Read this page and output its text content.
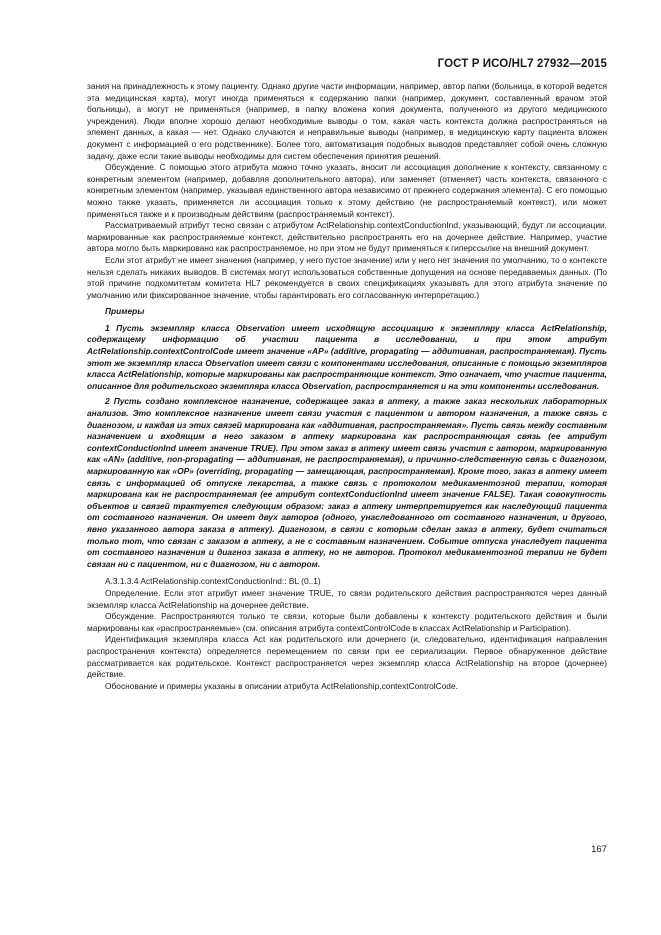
ГОСТ Р ИСО/HL7 27932—2015

зания на принадлежность к этому пациенту. Однако другие части информации, например, автор папки (больница, в которой ведется эта медицинская карта), могут иногда применяться к содержанию папки (например, документ, составленный врачом этой больницы), а могут не применяться (например, в папку вложена копия документа, полученного из другого медицинского учреждения). Люди вполне хорошо делают необходимые выводы о том, какая часть контекста должна распространяться на элемент данных, а какая — нет. Однако случаются и неправильные выводы (например, в медицинскую карту пациента вложен документ с информацией о его родственнике). Более того, автоматизация подобных выводов представляет собой очень сложную задачу, даже если такие выводы необходимы для систем обеспечения принятия решений.

Обсуждение. С помощью этого атрибута можно точно указать, вносит ли ассоциация дополнение к контексту, связанному с конкретным элементом (например, добавляя дополнительного автора), или заменяет (отменяет) часть контекста, связанного с конкретным элементом (например, указывая единственного автора независимо от прежнего содержания элемента). С его помощью можно также указать, применяется ли ассоциация только к этому действию (не распространяемый контекст), или может применяться также и к производным действиям (распространяемый контекст).

Рассматриваемый атрибут тесно связан с атрибутом ActRelationship.contextConductionInd, указывающий, будут ли ассоциации, маркированные как распространяемые контекст, действительно распространять его на дочернее действие. Например, участие автора могло быть маркировано как распространяемое, но при этом не будут применяться к гиперссылке на внешний документ.

Если этот атрибут не имеет значения (например, у него пустое значение) или у него нет значения по умолчанию, то о контексте нельзя сделать никаких выводов. В системах могут использоваться собственные допущения на основе передаваемых данных. (По этой причине подкомитетам комитета HL7 рекомендуется в своих спецификациях указывать для этого атрибута значение по умолчанию или фиксированное значение, чтобы гарантировать его согласованную интерпретацию.)

Примеры

1 Пусть экземпляр класса Observation имеет исходящую ассоциацию к экземпляру класса ActRelationship, содержащему информацию об участии пациента в исследовании, и при этом атрибут ActRelationship.contextControlCode имеет значение «AP» (additive, propagating — аддитивная, распространяемая). Пусть этот же экземпляр класса Observation имеет связи с компонентами исследования, описанные с помощью экземпляров класса ActRelationship, которые маркированы как распространяющие контекст. Это означает, что участие пациента, описанное для родительского экземпляра класса Observation, распространяется и на эти компоненты исследования.

2 Пусть создано комплексное назначение, содержащее заказ в аптеку, а также заказ нескольких лабораторных анализов. Это комплексное назначение имеет связи участия с пациентом и автором назначения, а также связь с диагнозом, и каждая из этих связей маркирована как «аддитивная, распространяемая». Пусть связь между составным назначением и входящим в него заказом в аптеку маркирована как распространяющая связь (ее атрибут contextConductionInd имеет значение TRUE). При этом заказ в аптеку имеет связь участия с автором, маркированную как «AN» (additive, non-propagating — аддитивная, не распространяемая), и причинно-следственную связь с диагнозом, маркированную как «OP» (overriding, propagating — замещающая, распространяемая). Кроме того, заказ в аптеку имеет связь с информацией об отпуске лекарства, а также связь с протоколом медикаментозной терапии, которая маркирована как не распространяемая (ее атрибут contextConductionInd имеет значение FALSE). Такая совокупность объектов и связей трактуется следующим образом: заказ в аптеку интерпретируется как наследующий пациента от составного назначения. Он имеет двух авторов (одного, унаследованного от составного назначения, и другого, явно указанного автора заказа в аптеку). Диагнозом, в связи с которым сделан заказ в аптеку, будет считаться только тот, что связан с заказом в аптеку, а не с составным назначением. Событие отпуска унаследует пациента от составного назначения и диагноз заказа в аптеку, но не авторов. Протокол медикаментозной терапии не будет связан ни с пациентом, ни с диагнозом, ни с автором.

A.3.1.3.4 ActRelationship.contextConductionInd:: BL (0..1)

Определение. Если этот атрибут имеет значение TRUE, то связи родительского действия распространяются через данный экземпляр класса ActRelationship на дочернее действие.

Обсуждение. Распространяются только те связи, которые были добавлены к контексту родительского действия и были маркированы как «распространяемые» (см. описания атрибута contextControlCode в классах ActRelationship и Participation).

Идентификация экземпляра класса Act как родительского или дочернего (и, следовательно, идентификация направления распространения контекста) определяется перемещением по связи при ее сериализации. Первое обнаруженное действие рассматривается как родительское. Контекст распространяется через экземпляр класса ActRelationship на второе (дочернее) действие.

Обоснование и примеры указаны в описании атрибута ActRelationship.contextControlCode.

167
